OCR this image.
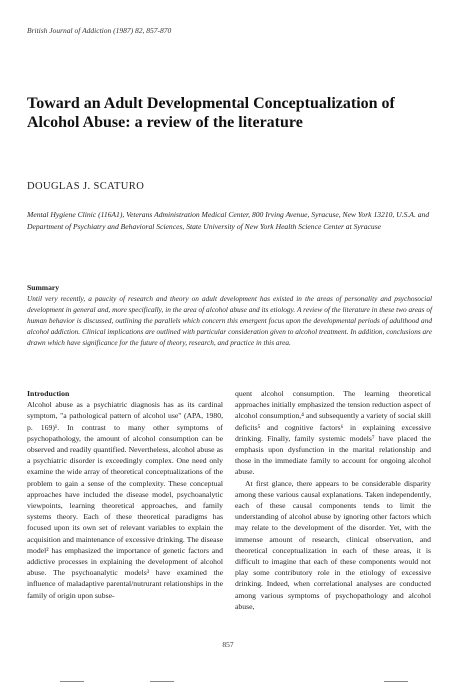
British Journal of Addiction (1987) 82, 857-870
Toward an Adult Developmental Conceptualization of Alcohol Abuse: a review of the literature
DOUGLAS J. SCATURO
Mental Hygiene Clinic (116A1), Veterans Administration Medical Center, 800 Irving Avenue, Syracuse, New York 13210, U.S.A. and Department of Psychiatry and Behavioral Sciences, State University of New York Health Science Center at Syracuse
Summary
Until very recently, a paucity of research and theory on adult development has existed in the areas of personality and psychosocial development in general and, more specifically, in the area of alcohol abuse and its etiology. A review of the literature in these two areas of human behavior is discussed, outlining the parallels which concern this emergent focus upon the developmental periods of adulthood and alcohol addiction. Clinical implications are outlined with particular consideration given to alcohol treatment. In addition, conclusions are drawn which have significance for the future of theory, research, and practice in this area.
Introduction

Alcohol abuse as a psychiatric diagnosis has as its cardinal symptom, "a pathological pattern of alcohol use" (APA, 1980, p. 169)¹. In contrast to many other symptoms of psychopathology, the amount of alcohol consumption can be observed and readily quantified. Nevertheless, alcohol abuse as a psychiatric disorder is exceedingly complex. One need only examine the wide array of theoretical conceptualizations of the problem to gain a sense of the complexity. These conceptual approaches have included the disease model, psychoanalytic viewpoints, learning theoretical approaches, and family systems theory. Each of these theoretical paradigms has focused upon its own set of relevant variables to explain the acquisition and maintenance of excessive drinking. The disease model² has emphasized the importance of genetic factors and addictive processes in explaining the development of alcohol abuse. The psychoanalytic models³ have examined the influence of maladaptive parental/nutrurant relationships in the family of origin upon subse-

quent alcohol consumption. The learning theoretical approaches initially emphasized the tension reduction aspect of alcohol consumption,⁴ and subsequently a variety of social skill deficits⁵ and cognitive factors⁶ in explaining excessive drinking. Finally, family systemic models⁷ have placed the emphasis upon dysfunction in the marital relationship and those in the immediate family to account for ongoing alcohol abuse.

At first glance, there appears to be considerable disparity among these various causal explanations. Taken independently, each of these causal components tends to limit the understanding of alcohol abuse by ignoring other factors which may relate to the development of the disorder. Yet, with the immense amount of research, clinical observation, and theoretical conceptualization in each of these areas, it is difficult to imagine that each of these components would not play some contributory role in the etiology of excessive drinking. Indeed, when correlational analyses are conducted among various symptoms of psychopathology and alcohol abuse,

857
